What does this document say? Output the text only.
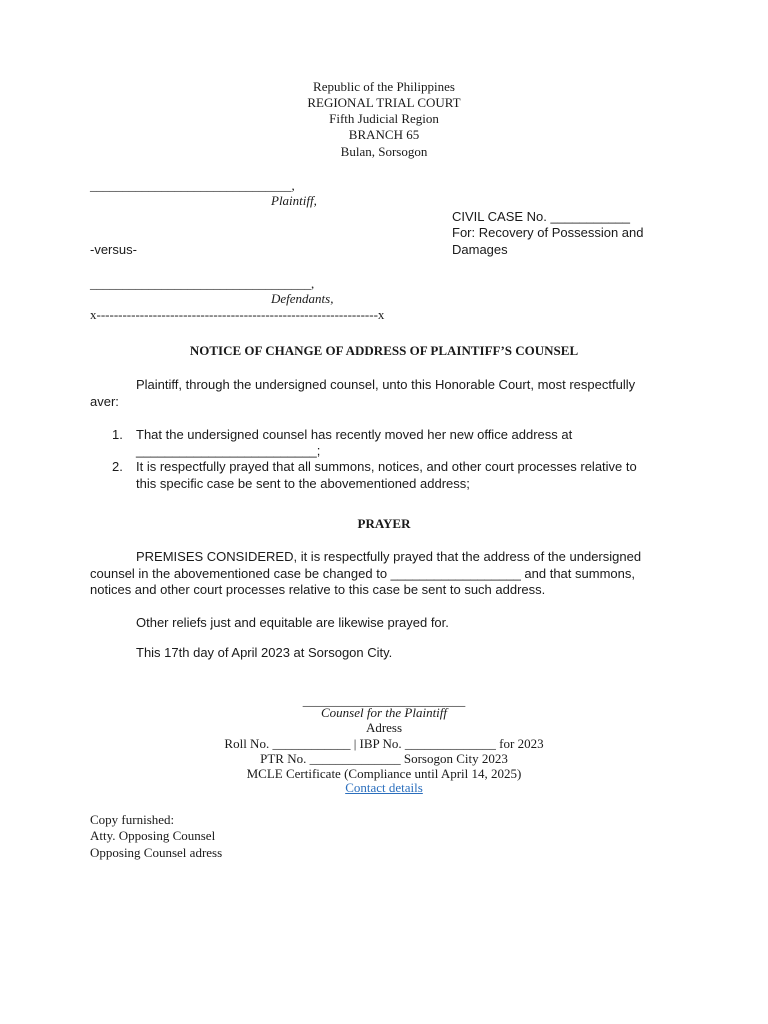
Republic of the Philippines
REGIONAL TRIAL COURT
Fifth Judicial Region
BRANCH 65
Bulan, Sorsogon
_______________________________,
Plaintiff,
CIVIL CASE No. ___________
For: Recovery of Possession and
-versus-	Damages
__________________________________,
Defendants,
x-----------------------------------------------------------------x
NOTICE OF CHANGE OF ADDRESS OF PLAINTIFF’S COUNSEL
Plaintiff, through the undersigned counsel, unto this Honorable Court, most respectfully
aver:
1. That the undersigned counsel has recently moved her new office address at
_________________________;
2. It is respectfully prayed that all summons, notices, and other court processes relative to
this specific case be sent to the abovementioned address;
PRAYER
PREMISES CONSIDERED, it is respectfully prayed that the address of the undersigned
counsel in the abovementioned case be changed to __________________ and that summons,
notices and other court processes relative to this case be sent to such address.
Other reliefs just and equitable are likewise prayed for.
This 17th day of April 2023 at Sorsogon City.
_________________________
Counsel for the Plaintiff
Adress
Roll No. ____________ | IBP No. ______________ for 2023
PTR No. ______________ Sorsogon City 2023
MCLE Certificate (Compliance until April 14, 2025)
Contact details
Copy furnished:
Atty. Opposing Counsel
Opposing Counsel adress
